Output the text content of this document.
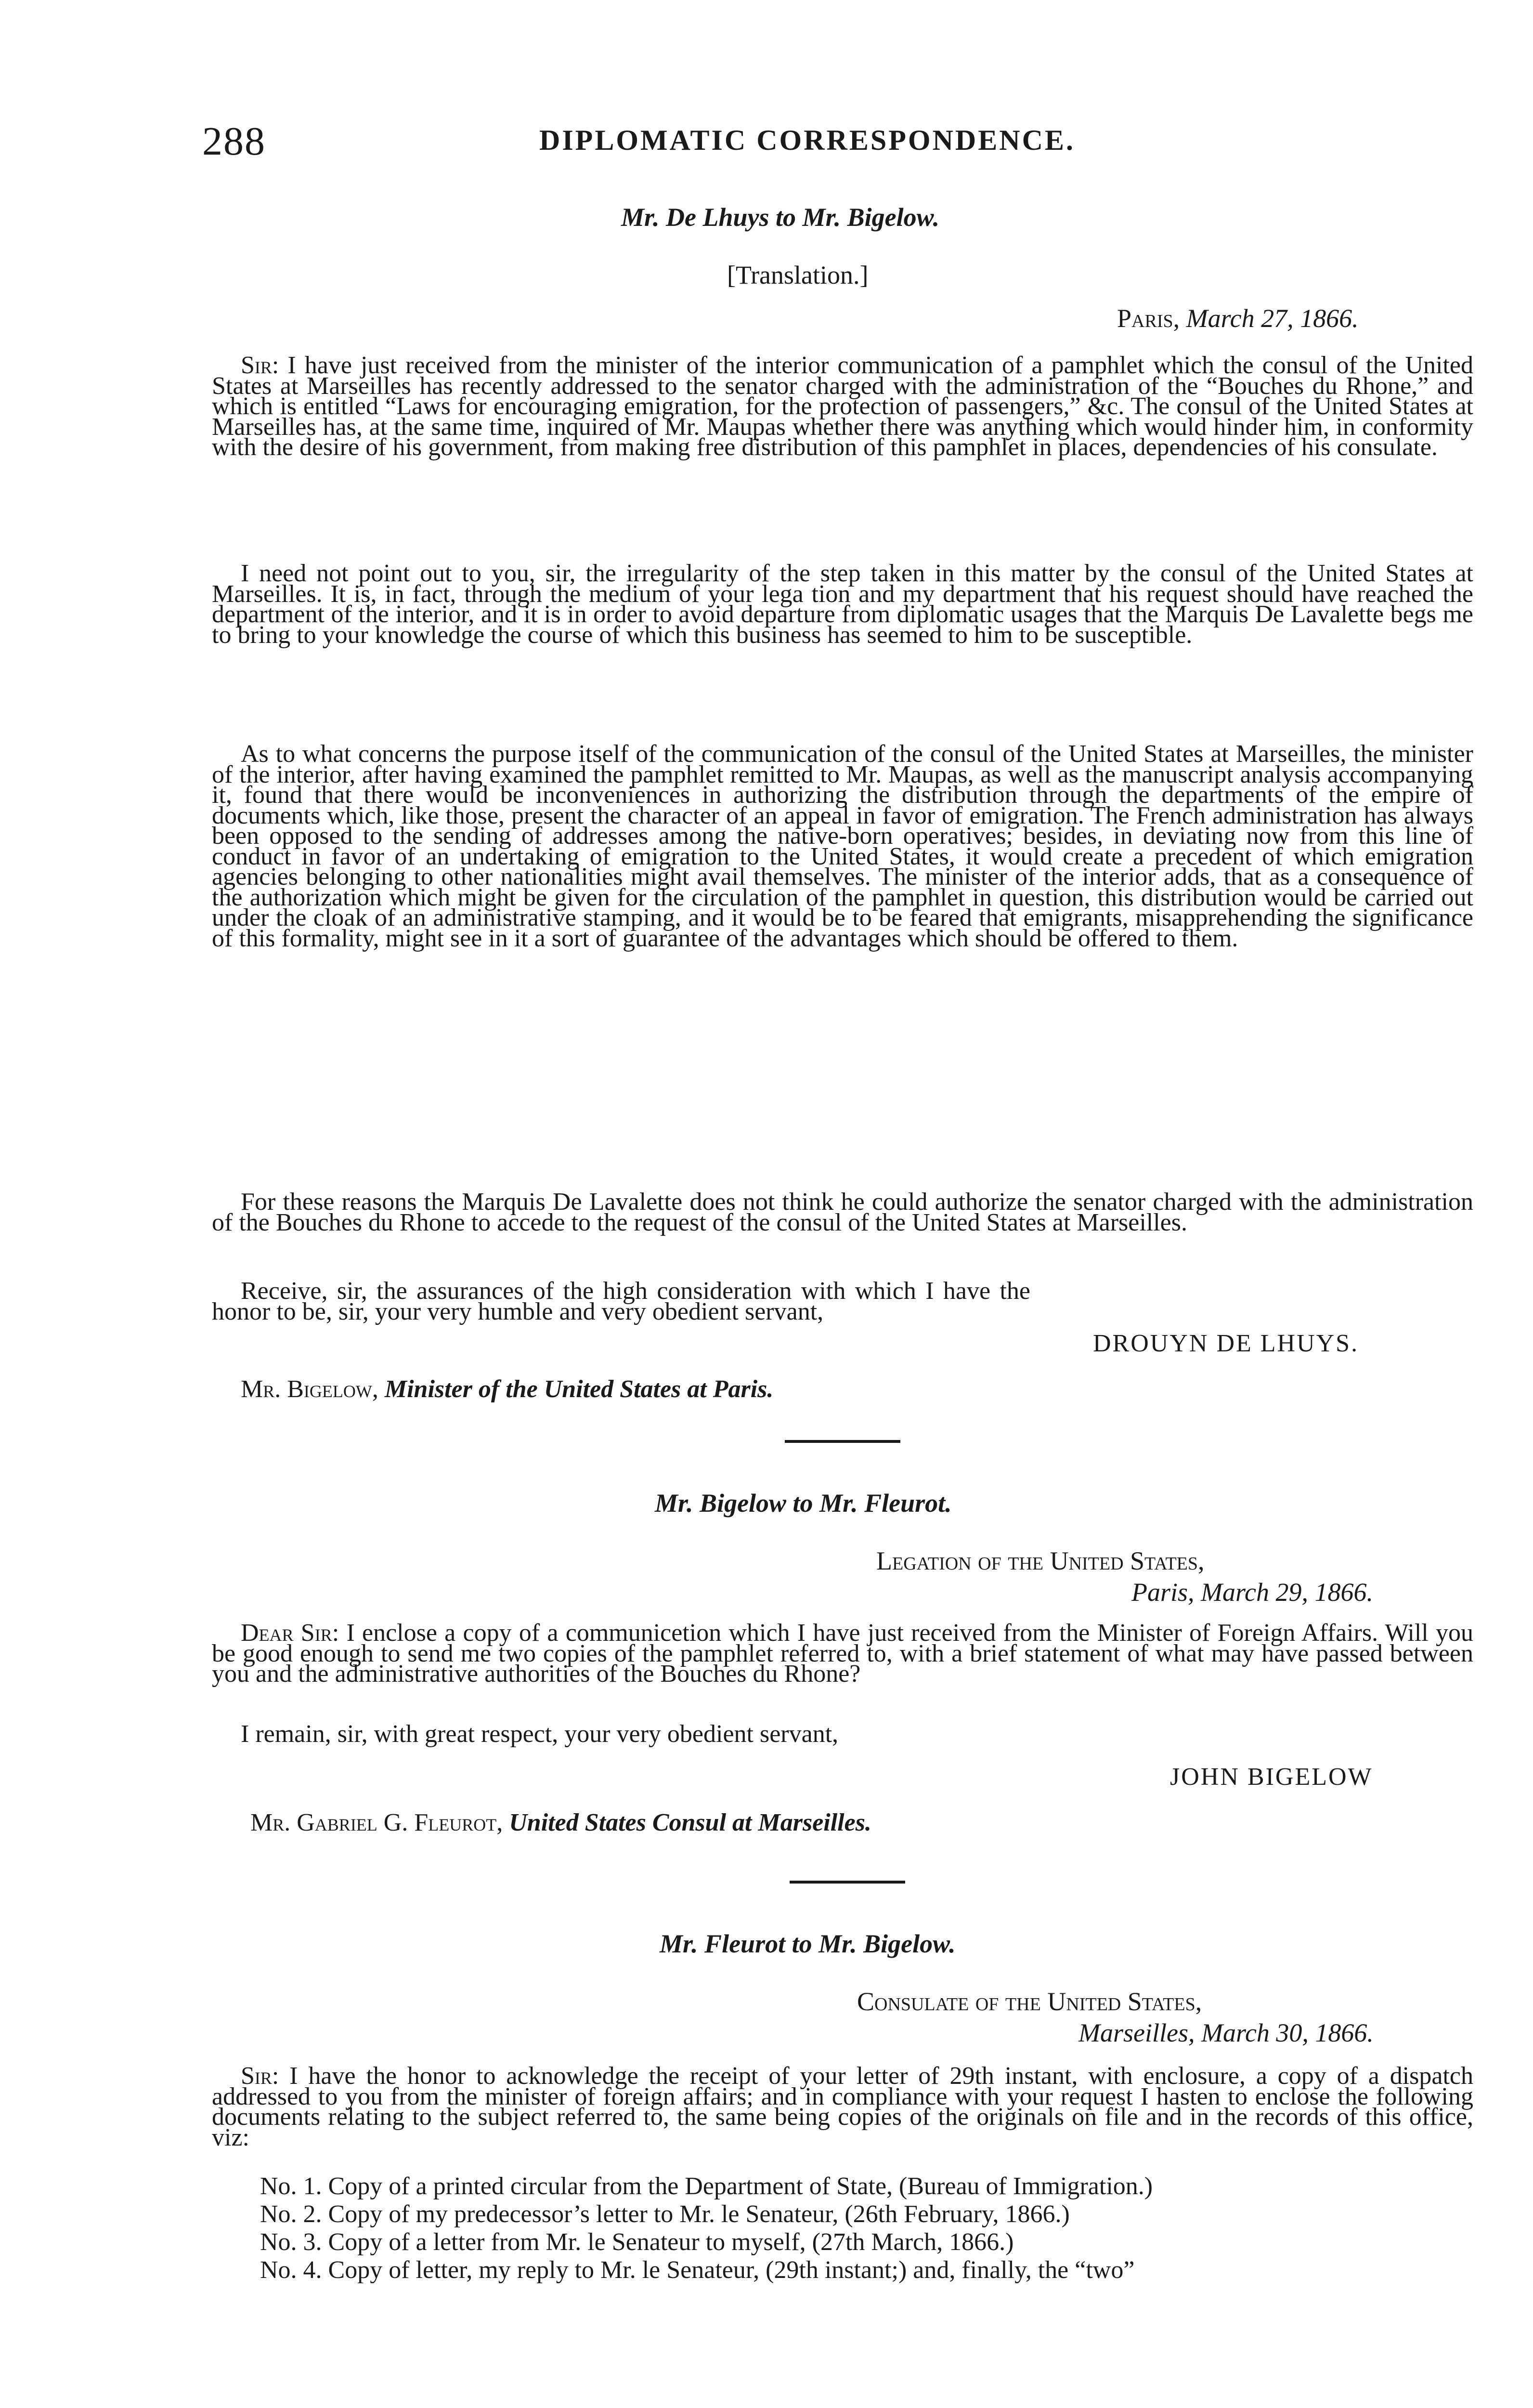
288	DIPLOMATIC CORRESPONDENCE.
Mr. De Lhuys to Mr. Bigelow.
[Translation.]
Paris, March 27, 1866.
Sir: I have just received from the minister of the interior communication of a pamphlet which the consul of the United States at Marseilles has recently addressed to the senator charged with the administration of the “Bouches du Rhone,” and which is entitled “Laws for encouraging emigration, for the protection of passengers,” &c. The consul of the United States at Marseilles has, at the same time, inquired of Mr. Maupas whether there was anything which would hinder him, in conformity with the desire of his government, from making free distribution of this pamphlet in places, dependencies of his consulate.
I need not point out to you, sir, the irregularity of the step taken in this matter by the consul of the United States at Marseilles. It is, in fact, through the medium of your lega tion and my department that his request should have reached the department of the interior, and it is in order to avoid departure from diplomatic usages that the Marquis De Lavalette begs me to bring to your knowledge the course of which this business has seemed to him to be susceptible.
As to what concerns the purpose itself of the communication of the consul of the United States at Marseilles, the minister of the interior, after having examined the pamphlet remitted to Mr. Maupas, as well as the manuscript analysis accompanying it, found that there would be inconveniences in authorizing the distribution through the departments of the empire of documents which, like those, present the character of an appeal in favor of emigration. The French administration has always been opposed to the sending of addresses among the native-born operatives; besides, in deviating now from this line of conduct in favor of an undertaking of emigration to the United States, it would create a precedent of which emigration agencies belonging to other nationalities might avail themselves. The minister of the interior adds, that as a consequence of the authorization which might be given for the circulation of the pamphlet in question, this distribution would be carried out under the cloak of an administrative stamping, and it would be to be feared that emigrants, misapprehending the significance of this formality, might see in it a sort of guarantee of the advantages which should be offered to them.
For these reasons the Marquis De Lavalette does not think he could authorize the senator charged with the administration of the Bouches du Rhone to accede to the request of the consul of the United States at Marseilles.
Receive, sir, the assurances of the high consideration with which I have the honor to be, sir, your very humble and very obedient servant,
DROUYN DE LHUYS.
Mr. Bigelow, Minister of the United States at Paris.
Mr. Bigelow to Mr. Fleurot.
Legation of the United States,
Paris, March 29, 1866.
Dear Sir: I enclose a copy of a communicetion which I have just received from the Minister of Foreign Affairs. Will you be good enough to send me two copies of the pamphlet referred to, with a brief statement of what may have passed between you and the administrative authorities of the Bouches du Rhone?
I remain, sir, with great respect, your very obedient servant,
JOHN BIGELOW
Mr. Gabriel G. Fleurot, United States Consul at Marseilles.
Mr. Fleurot to Mr. Bigelow.
Consulate of the United States,
Marseilles, March 30, 1866.
Sir: I have the honor to acknowledge the receipt of your letter of 29th instant, with enclosure, a copy of a dispatch addressed to you from the minister of foreign affairs; and in compliance with your request I hasten to enclose the following documents relating to the subject referred to, the same being copies of the originals on file and in the records of this office, viz:
No. 1. Copy of a printed circular from the Department of State, (Bureau of Immigration.)
No. 2. Copy of my predecessor’s letter to Mr. le Senateur, (26th February, 1866.)
No. 3. Copy of a letter from Mr. le Senateur to myself, (27th March, 1866.)
No. 4. Copy of letter, my reply to Mr. le Senateur, (29th instant;) and, finally, the “two”
